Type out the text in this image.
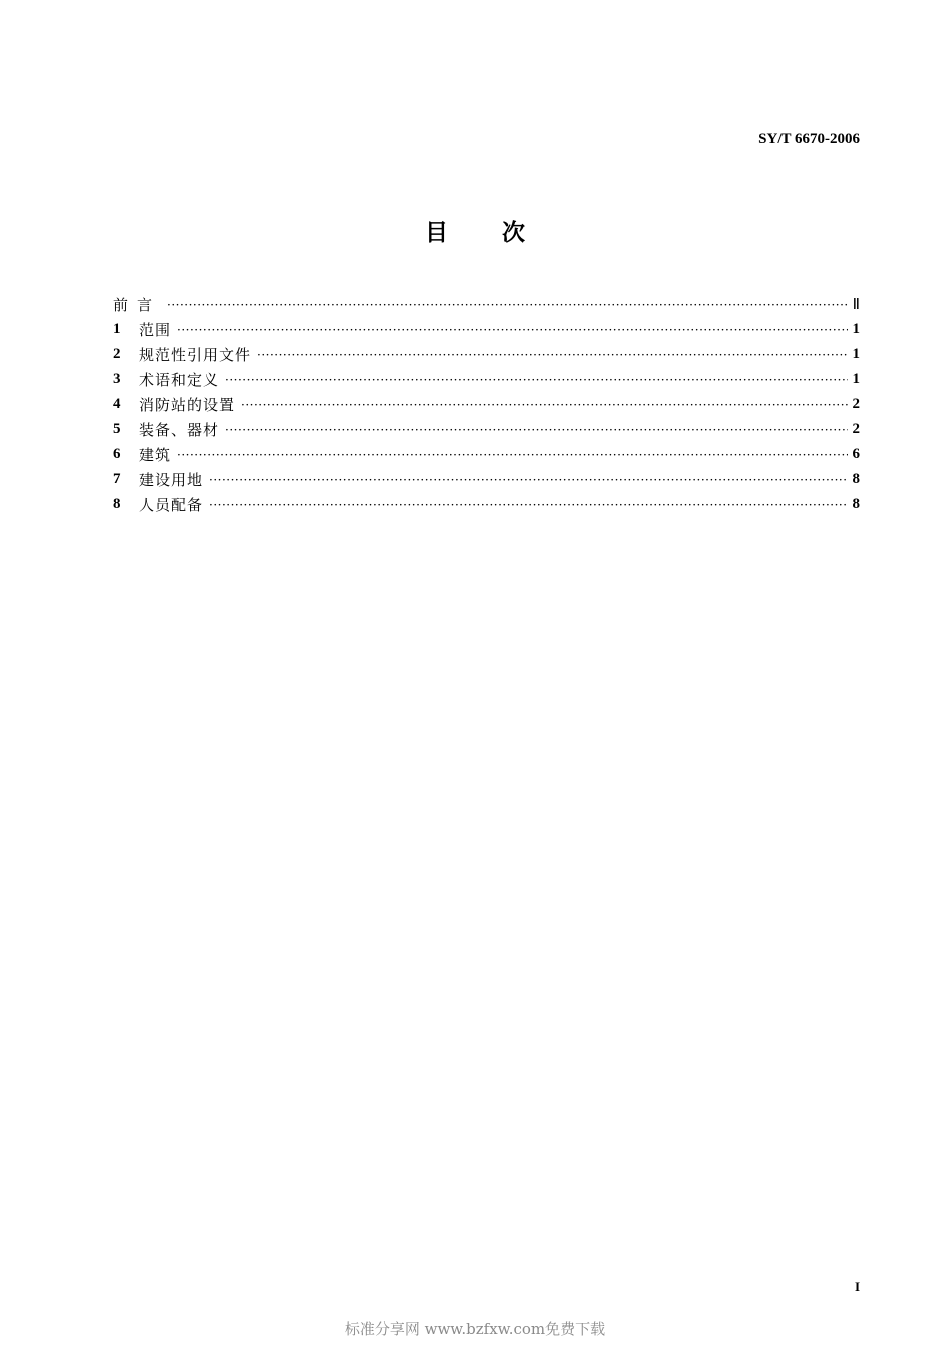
SY/T 6670-2006
目次
前言 ·····	Ⅱ
1	范围 ·····	1
2	规范性引用文件 ·····	1
3	术语和定义 ·····	1
4	消防站的设置 ·····	2
5	装备、器材 ·····	2
6	建筑 ·····	6
7	建设用地 ·····	8
8	人员配备 ·····	8
I
标准分享网 www.bzfxw.com免费下载
